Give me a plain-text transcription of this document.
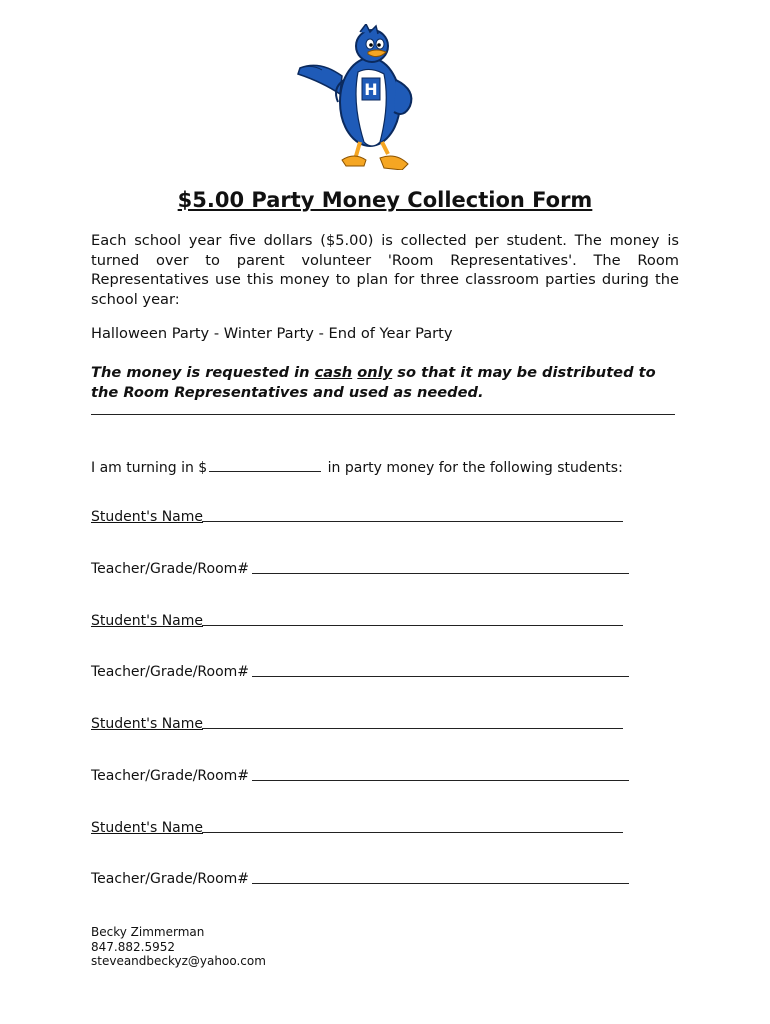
H
$5.00 Party Money Collection Form
Each school year five dollars ($5.00) is collected per student. The money is turned over to parent volunteer 'Room Representatives'. The Room Representatives use this money to plan for three classroom parties during the school year:
Halloween Party - Winter Party - End of Year Party
The money is requested in cash only so that it may be distributed to the Room Representatives and used as needed.
I am turning in $	in party money for the following students:
Student's Name
Teacher/Grade/Room#
Student's Name
Teacher/Grade/Room#
Student's Name
Teacher/Grade/Room#
Student's Name
Teacher/Grade/Room#
Becky Zimmerman
847.882.5952
steveandbeckyz@yahoo.com
